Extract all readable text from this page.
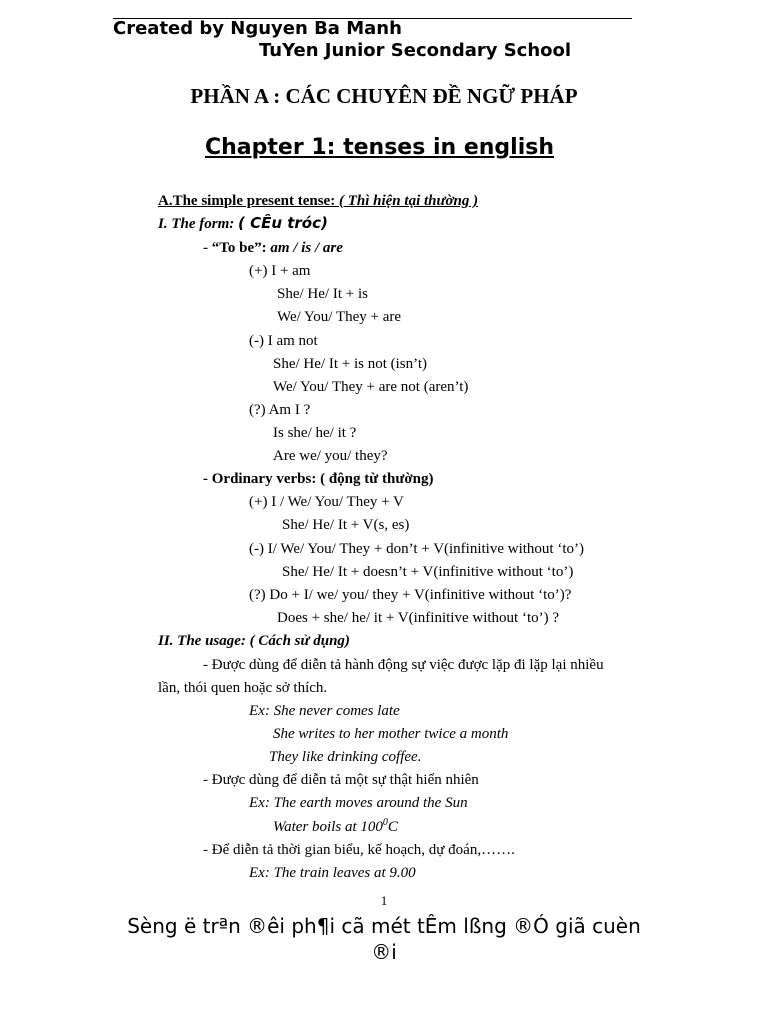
Created by Nguyen Ba Manh
TuYen Junior Secondary School
PHẦN A : CÁC CHUYÊN ĐỀ NGỮ PHÁP
Chapter 1: tenses in english
A.The simple present tense: ( Thì hiện tại thường )
I. The form: ( CÊu tróc)
- “To be”: am / is / are
(+) I + am
She/ He/ It + is
We/ You/ They + are
(-) I am not
She/ He/ It + is not (isn’t)
We/ You/ They + are not (aren’t)
(?) Am I ?
Is she/ he/ it ?
Are we/ you/ they?
- Ordinary verbs: ( động từ thường)
(+) I / We/ You/ They + V
She/ He/ It + V(s, es)
(-) I/ We/ You/ They + don’t + V(infinitive without ‘to’)
She/ He/ It + doesn’t + V(infinitive without ‘to’)
(?) Do + I/ we/ you/ they + V(infinitive without ‘to’)?
Does + she/ he/ it + V(infinitive without ‘to’) ?
II. The usage: ( Cách sử dụng)
- Được dùng để diễn tả hành động sự việc được lặp đi lặp lại nhiều
lần, thói quen hoặc sở thích.
Ex: She never comes late
She writes to her mother twice a month
They like drinking coffee.
- Được dùng để diễn tả một sự thật hiển nhiên
Ex: The earth moves around the Sun
Water boils at $100^0C$
- Để diễn tả thời gian biểu, kế hoạch, dự đoán,…….
Ex: The train leaves at 9.00
1
Sèng ë trªn ®êi ph¶i cã mét tÊm lßng ®Ó giã cuèn
®i
